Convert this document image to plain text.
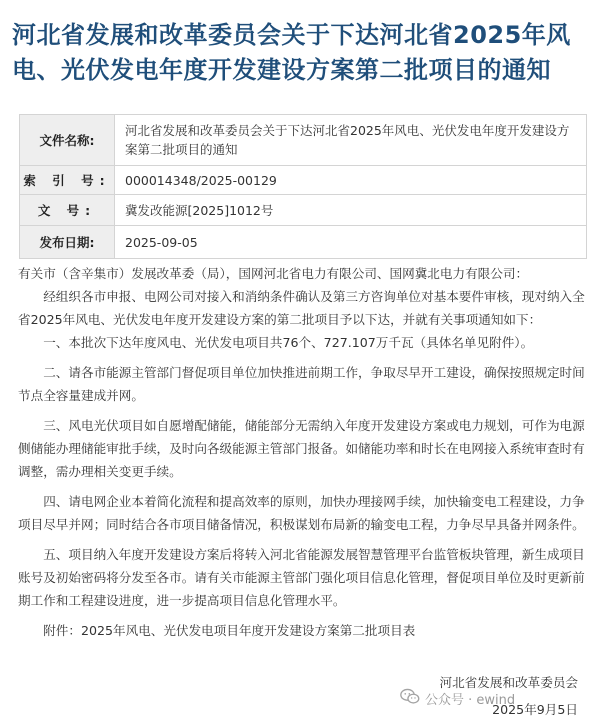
河北省发展和改革委员会关于下达河北省2025年风电、光伏发电年度开发建设方案第二批项目的通知
文件名称:	河北省发展和改革委员会关于下达河北省2025年风电、光伏发电年度开发建设方案第二批项目的通知
索 引 号:	000014348/2025-00129
文 号:	冀发改能源[2025]1012号
发布日期:	2025-09-05

有关市（含辛集市）发展改革委（局），国网河北省电力有限公司、国网冀北电力有限公司：

经组织各市申报、电网公司对接入和消纳条件确认及第三方咨询单位对基本要件审核，现对纳入全省2025年风电、光伏发电年度开发建设方案的第二批项目予以下达，并就有关事项通知如下：

一、本批次下达年度风电、光伏发电项目共76个、727.107万千瓦（具体名单见附件）。

二、请各市能源主管部门督促项目单位加快推进前期工作，争取尽早开工建设，确保按照规定时间节点全容量建成并网。

三、风电光伏项目如自愿增配储能，储能部分无需纳入年度开发建设方案或电力规划，可作为电源侧储能办理储能审批手续，及时向各级能源主管部门报备。如储能功率和时长在电网接入系统审查时有调整，需办理相关变更手续。

四、请电网企业本着简化流程和提高效率的原则，加快办理接网手续，加快输变电工程建设，力争项目尽早并网；同时结合各市项目储备情况，积极谋划布局新的输变电工程，力争尽早具备并网条件。

五、项目纳入年度开发建设方案后将转入河北省能源发展智慧管理平台监管板块管理，新生成项目账号及初始密码将分发至各市。请有关市能源主管部门强化项目信息化管理，督促项目单位及时更新前期工作和工程建设进度，进一步提高项目信息化管理水平。

附件：2025年风电、光伏发电项目年度开发建设方案第二批项目表

河北省发展和改革委员会
公众号 · ewind
2025年9月5日
